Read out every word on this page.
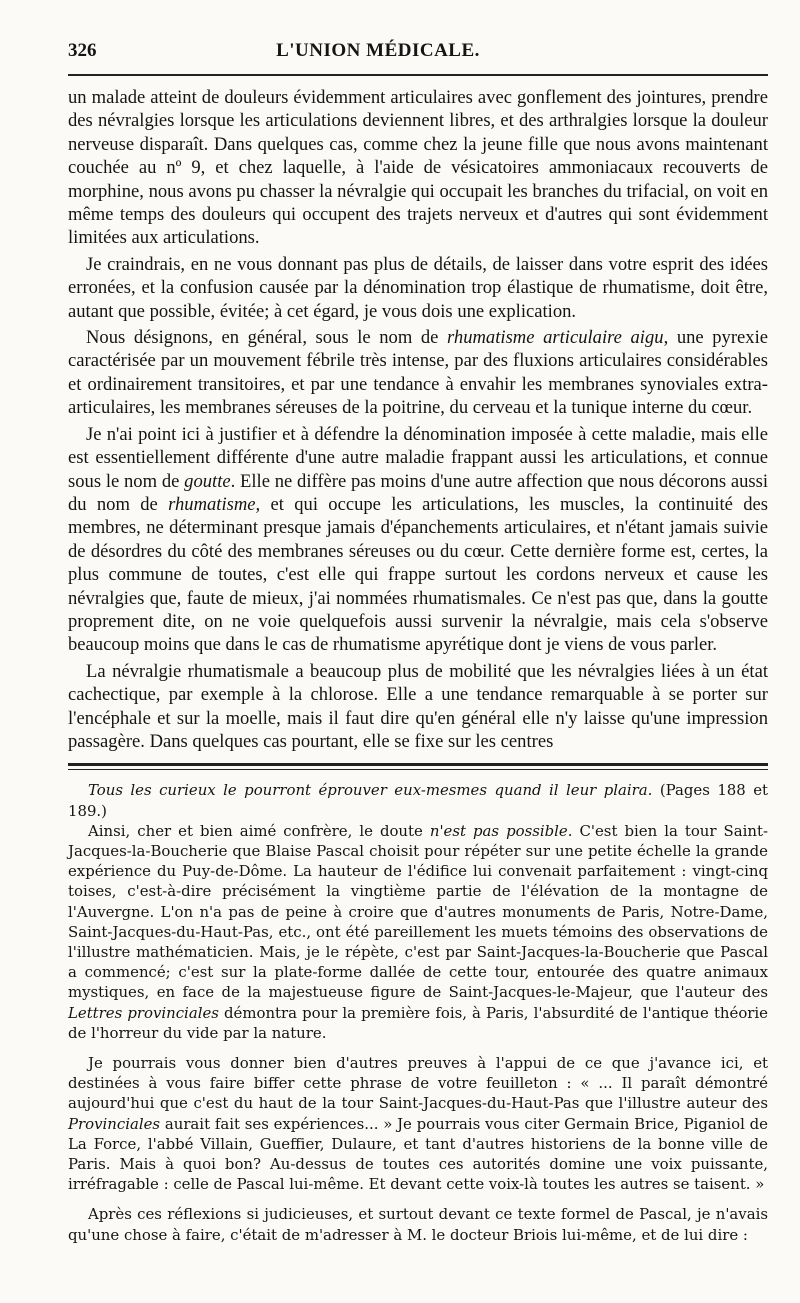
326	L'UNION MÉDICALE.

un malade atteint de douleurs évidemment articulaires avec gonflement des jointures, prendre des névralgies lorsque les articulations deviennent libres, et des arthralgies lorsque la douleur nerveuse disparaît. Dans quelques cas, comme chez la jeune fille que nous avons maintenant couchée au nº 9, et chez laquelle, à l'aide de vésicatoires ammoniacaux recouverts de morphine, nous avons pu chasser la névralgie qui occupait les branches du trifacial, on voit en même temps des douleurs qui occupent des trajets nerveux et d'autres qui sont évidemment limitées aux articulations.

Je craindrais, en ne vous donnant pas plus de détails, de laisser dans votre esprit des idées erronées, et la confusion causée par la dénomination trop élastique de rhumatisme, doit être, autant que possible, évitée; à cet égard, je vous dois une explication.

Nous désignons, en général, sous le nom de rhumatisme articulaire aigu, une pyrexie caractérisée par un mouvement fébrile très intense, par des fluxions articulaires considérables et ordinairement transitoires, et par une tendance à envahir les membranes synoviales extra-articulaires, les membranes séreuses de la poitrine, du cerveau et la tunique interne du cœur.

Je n'ai point ici à justifier et à défendre la dénomination imposée à cette maladie, mais elle est essentiellement différente d'une autre maladie frappant aussi les articulations, et connue sous le nom de goutte. Elle ne diffère pas moins d'une autre affection que nous décorons aussi du nom de rhumatisme, et qui occupe les articulations, les muscles, la continuité des membres, ne déterminant presque jamais d'épanchements articulaires, et n'étant jamais suivie de désordres du côté des membranes séreuses ou du cœur. Cette dernière forme est, certes, la plus commune de toutes, c'est elle qui frappe surtout les cordons nerveux et cause les névralgies que, faute de mieux, j'ai nommées rhumatismales. Ce n'est pas que, dans la goutte proprement dite, on ne voie quelquefois aussi survenir la névralgie, mais cela s'observe beaucoup moins que dans le cas de rhumatisme apyrétique dont je viens de vous parler.

La névralgie rhumatismale a beaucoup plus de mobilité que les névralgies liées à un état cachectique, par exemple à la chlorose. Elle a une tendance remarquable à se porter sur l'encéphale et sur la moelle, mais il faut dire qu'en général elle n'y laisse qu'une impression passagère. Dans quelques cas pourtant, elle se fixe sur les centres

Tous les curieux le pourront éprouver eux-mesmes quand il leur plaira. (Pages 188 et 189.)

Ainsi, cher et bien aimé confrère, le doute n'est pas possible. C'est bien la tour Saint-Jacques-la-Boucherie que Blaise Pascal choisit pour répéter sur une petite échelle la grande expérience du Puy-de-Dôme. La hauteur de l'édifice lui convenait parfaitement : vingt-cinq toises, c'est-à-dire précisément la vingtième partie de l'élévation de la montagne de l'Auvergne. L'on n'a pas de peine à croire que d'autres monuments de Paris, Notre-Dame, Saint-Jacques-du-Haut-Pas, etc., ont été pareillement les muets témoins des observations de l'illustre mathématicien. Mais, je le répète, c'est par Saint-Jacques-la-Boucherie que Pascal a commencé; c'est sur la plate-forme dallée de cette tour, entourée des quatre animaux mystiques, en face de la majestueuse figure de Saint-Jacques-le-Majeur, que l'auteur des Lettres provinciales démontra pour la première fois, à Paris, l'absurdité de l'antique théorie de l'horreur du vide par la nature.

Je pourrais vous donner bien d'autres preuves à l'appui de ce que j'avance ici, et destinées à vous faire biffer cette phrase de votre feuilleton : « ... Il paraît démontré aujourd'hui que c'est du haut de la tour Saint-Jacques-du-Haut-Pas que l'illustre auteur des Provinciales aurait fait ses expériences... » Je pourrais vous citer Germain Brice, Piganiol de La Force, l'abbé Villain, Gueffier, Dulaure, et tant d'autres historiens de la bonne ville de Paris. Mais à quoi bon? Au-dessus de toutes ces autorités domine une voix puissante, irréfragable : celle de Pascal lui-même. Et devant cette voix-là toutes les autres se taisent. »

Après ces réflexions si judicieuses, et surtout devant ce texte formel de Pascal, je n'avais qu'une chose à faire, c'était de m'adresser à M. le docteur Briois lui-même, et de lui dire :
